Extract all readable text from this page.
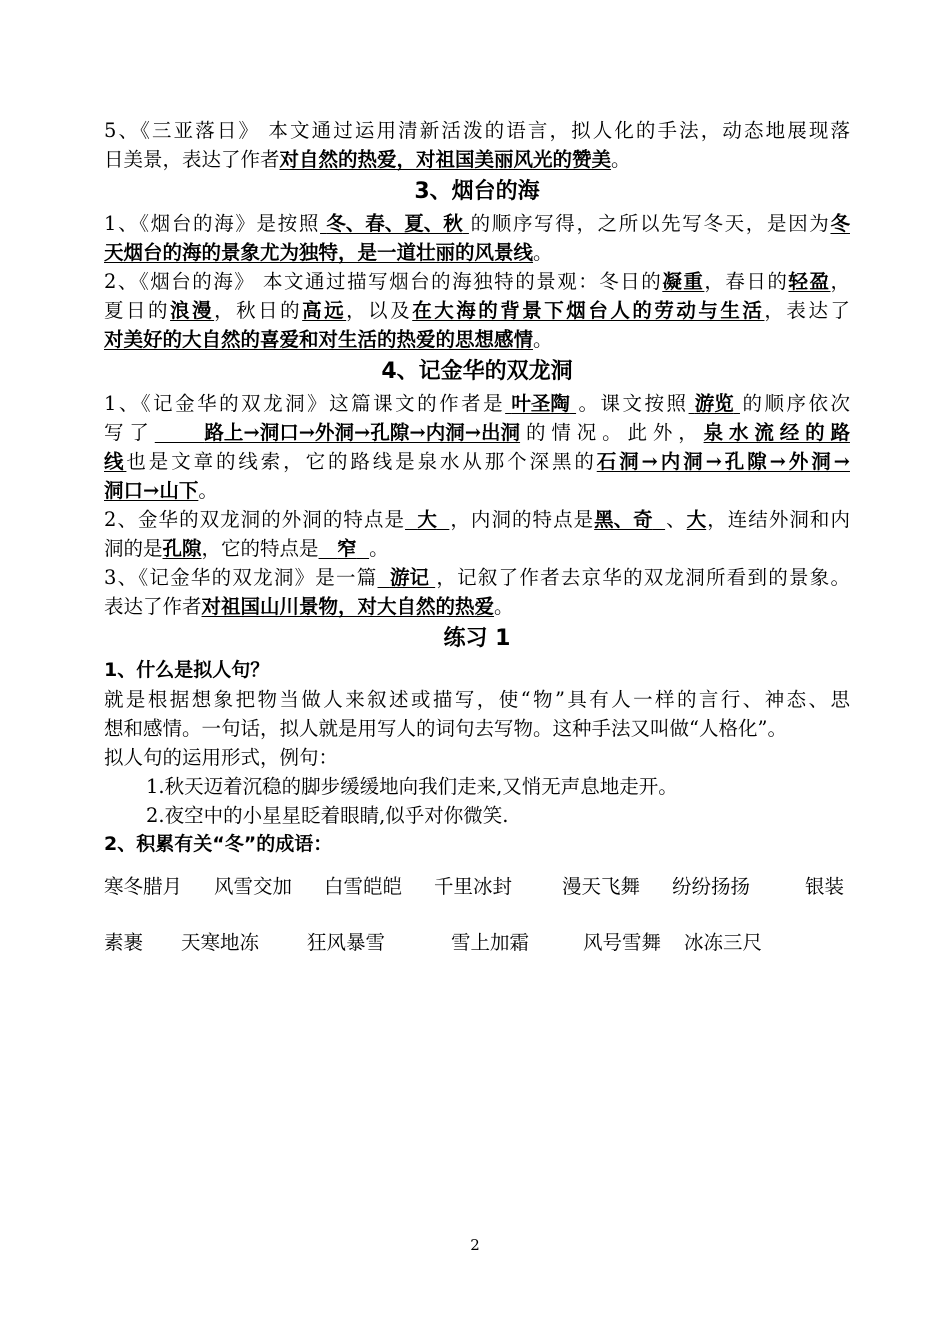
5、《三亚落日》 本文通过运用清新活泼的语言，拟人化的手法，动态地展现落
日美景，表达了作者对自然的热爱，对祖国美丽风光的赞美。
3、烟台的海
1、《烟台的海》是按照 冬、春、夏、秋 的顺序写得，之所以先写冬天，是因为冬
天烟台的海的景象尤为独特，是一道壮丽的风景线。
2、《烟台的海》 本文通过描写烟台的海独特的景观：冬日的凝重，春日的轻盈，
夏日的浪漫，秋日的高远，以及在大海的背景下烟台人的劳动与生活，表达了
对美好的大自然的喜爱和对生活的热爱的思想感情。
4、记金华的双龙洞
1、《记金华的双龙洞》这篇课文的作者是 叶圣陶 。课文按照 游览 的顺序依次
写了	路上→洞口→外洞→孔隙→内洞→出洞的情况。此外，泉水流经的路
线也是文章的线索，它的路线是泉水从那个深黑的石洞→内洞→孔隙→外洞→
洞口→山下。
2、金华的双龙洞的外洞的特点是 大 ，内洞的特点是黑、奇 、大，连结外洞和内
洞的是孔隙，它的特点是 窄 。
3、《记金华的双龙洞》是一篇 游记 ，记叙了作者去京华的双龙洞所看到的景象。
表达了作者对祖国山川景物，对大自然的热爱。
练习 1
1、什么是拟人句？
就是根据想象把物当做人来叙述或描写，使“物”具有人一样的言行、神态、思
想和感情。一句话，拟人就是用写人的词句去写物。这种手法又叫做“人格化”。
拟人句的运用形式，例句：
1.秋天迈着沉稳的脚步缓缓地向我们走来,又悄无声息地走开。
2.夜空中的小星星眨着眼睛,似乎对你微笑.
2、积累有关“冬”的成语：
寒冬腊月 风雪交加 白雪皑皑 千里冰封	漫天飞舞 纷纷扬扬	银装
素裹 天寒地冻 狂风暴雪	雪上加霜	风号雪舞 冰冻三尺
2
